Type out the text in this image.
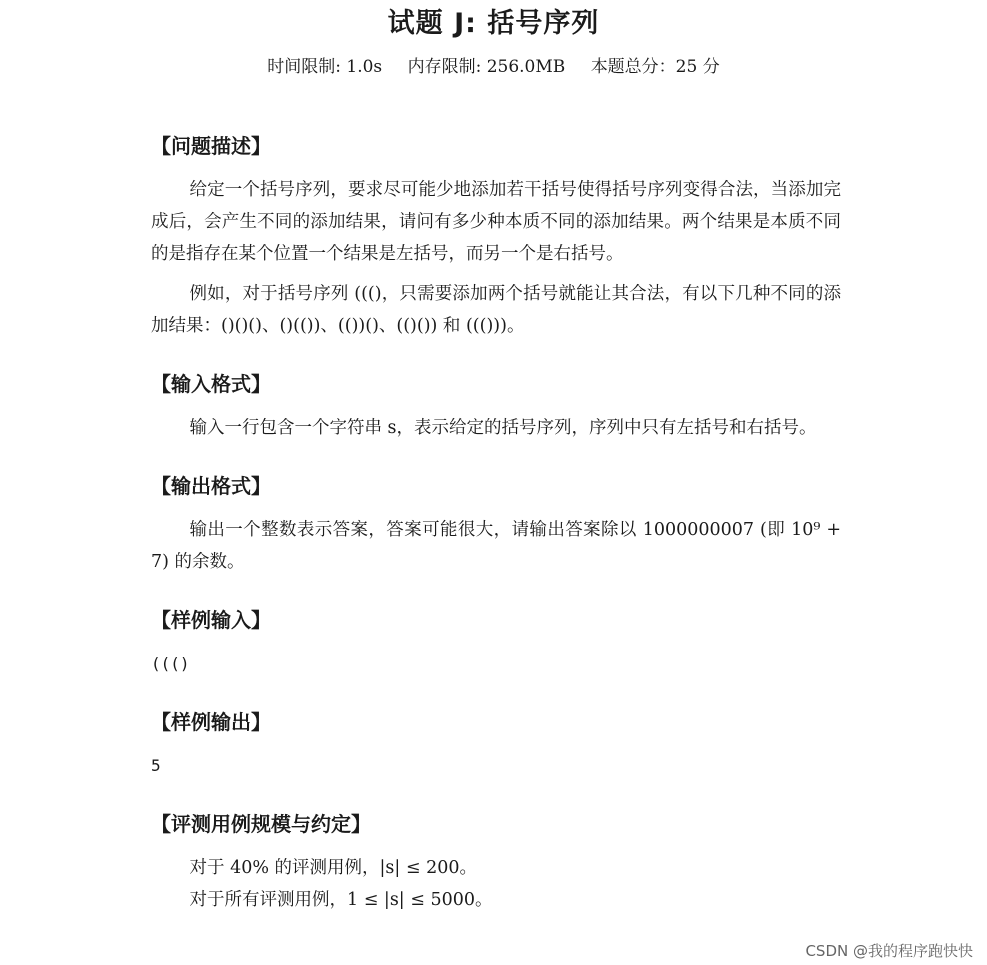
试题 J: 括号序列
时间限制: 1.0s 内存限制: 256.0MB 本题总分：25 分
【问题描述】

给定一个括号序列，要求尽可能少地添加若干括号使得括号序列变得合法，当添加完成后，会产生不同的添加结果，请问有多少种本质不同的添加结果。两个结果是本质不同的是指存在某个位置一个结果是左括号，而另一个是右括号。

例如，对于括号序列 ((()，只需要添加两个括号就能让其合法，有以下几种不同的添加结果：()()()、()(())、(())()、(()()) 和 ((()))。

【输入格式】

输入一行包含一个字符串 s，表示给定的括号序列，序列中只有左括号和右括号。

【输出格式】

输出一个整数表示答案，答案可能很大，请输出答案除以 1000000007 (即 10⁹ + 7) 的余数。

【样例输入】

((()

【样例输出】

5

【评测用例规模与约定】

对于 40% 的评测用例，|s| ≤ 200。

对于所有评测用例，1 ≤ |s| ≤ 5000。

CSDN @我的程序跑快快
